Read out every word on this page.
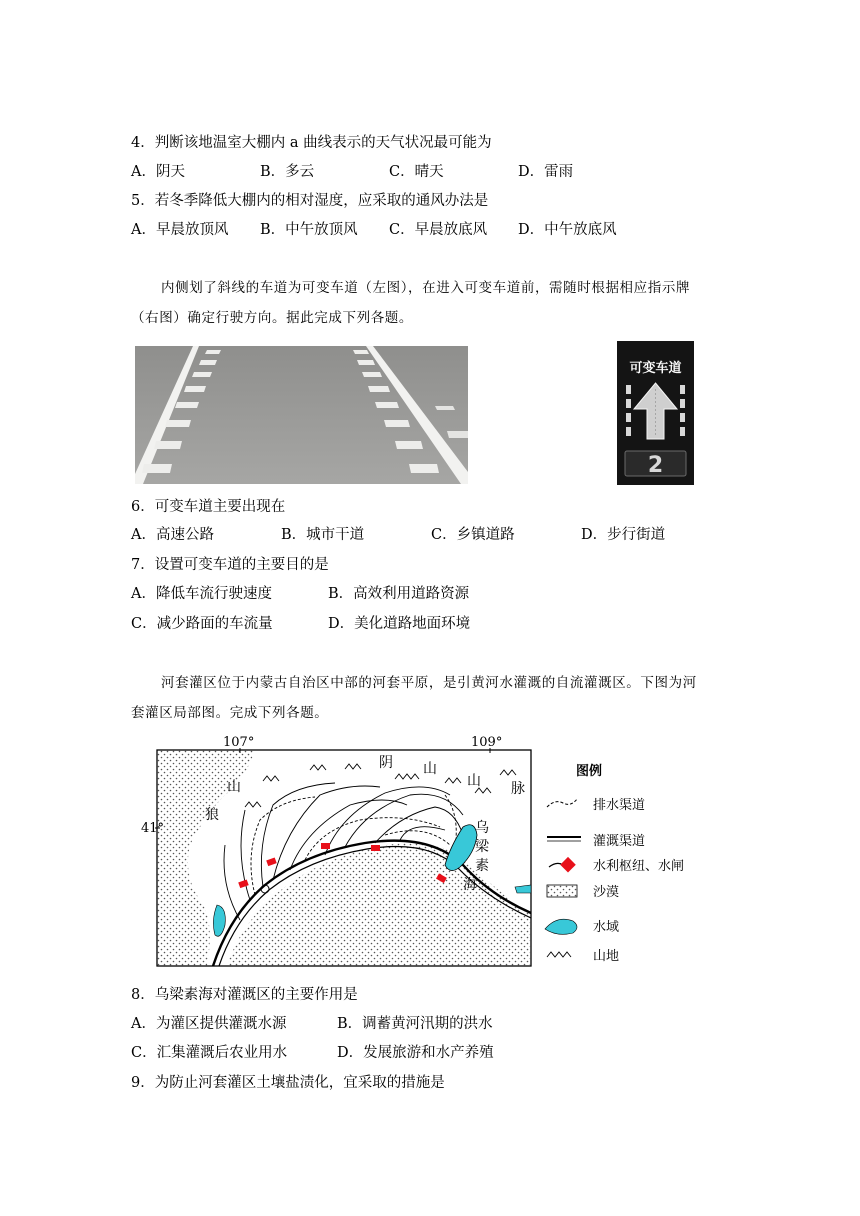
4．判断该地温室大棚内 a 曲线表示的天气状况最可能为
A．阴天	B．多云	C．晴天	D．雷雨
5．若冬季降低大棚内的相对湿度，应采取的通风办法是
A．早晨放顶风 B．中午放顶风 C．早晨放底风 D．中午放底风
内侧划了斜线的车道为可变车道（左图），在进入可变车道前，需随时根据相应指示牌
（右图）确定行驶方向。据此完成下列各题。
可变车道
2
6．可变车道主要出现在
A．高速公路	B．城市干道	C．乡镇道路	D．步行街道
7．设置可变车道的主要目的是
A．降低车流行驶速度	B．高效利用道路资源
C．减少路面的车流量	D．美化道路地面环境
河套灌区位于内蒙古自治区中部的河套平原，是引黄河水灌溉的自流灌溉区。下图为河
套灌区局部图。完成下列各题。
107°	109°
41°
阴 山
山 脉
狼
山
乌
梁
素
海
图例
排水渠道
灌溉渠道
水利枢纽、水闸
沙漠
水域
山地
8．乌梁素海对灌溉区的主要作用是
A．为灌区提供灌溉水源	B．调蓄黄河汛期的洪水
C．汇集灌溉后农业用水	D．发展旅游和水产养殖
9．为防止河套灌区土壤盐渍化，宜采取的措施是
